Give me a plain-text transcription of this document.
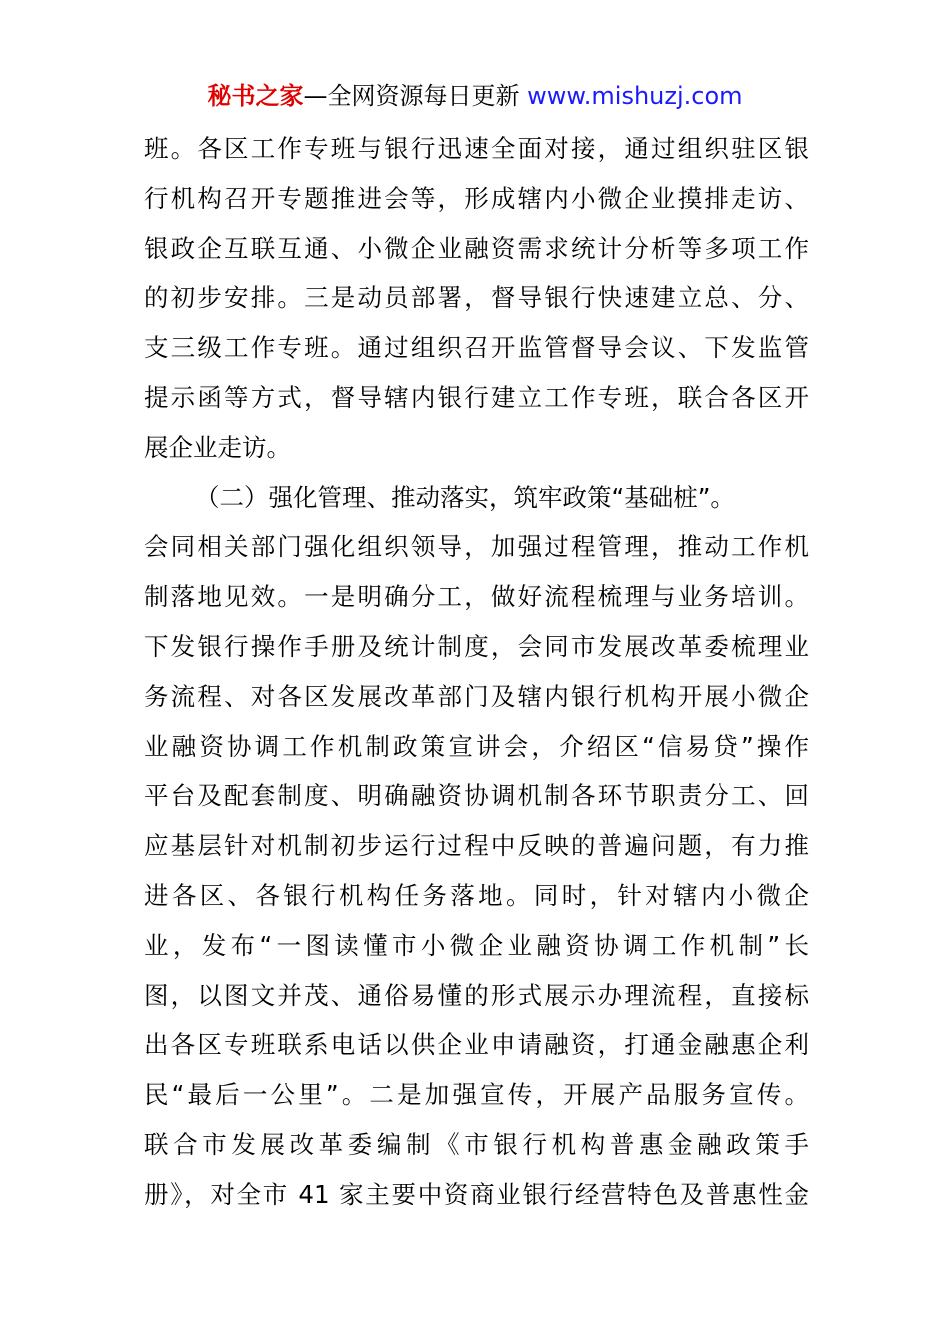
秘书之家—全网资源每日更新 www.mishuzj.com
班。各区工作专班与银行迅速全面对接，通过组织驻区银
行机构召开专题推进会等，形成辖内小微企业摸排走访、
银政企互联互通、小微企业融资需求统计分析等多项工作
的初步安排。三是动员部署，督导银行快速建立总、分、
支三级工作专班。通过组织召开监管督导会议、下发监管
提示函等方式，督导辖内银行建立工作专班，联合各区开
展企业走访。
（二）强化管理、推动落实，筑牢政策“基础桩”。
会同相关部门强化组织领导，加强过程管理，推动工作机
制落地见效。一是明确分工，做好流程梳理与业务培训。
下发银行操作手册及统计制度，会同市发展改革委梳理业
务流程、对各区发展改革部门及辖内银行机构开展小微企
业融资协调工作机制政策宣讲会，介绍区“信易贷”操作
平台及配套制度、明确融资协调机制各环节职责分工、回
应基层针对机制初步运行过程中反映的普遍问题，有力推
进各区、各银行机构任务落地。同时，针对辖内小微企
业，发布“一图读懂市小微企业融资协调工作机制”长
图，以图文并茂、通俗易懂的形式展示办理流程，直接标
出各区专班联系电话以供企业申请融资，打通金融惠企利
民“最后一公里”。二是加强宣传，开展产品服务宣传。
联合市发展改革委编制《市银行机构普惠金融政策手
册》，对全市 41 家主要中资商业银行经营特色及普惠性金
